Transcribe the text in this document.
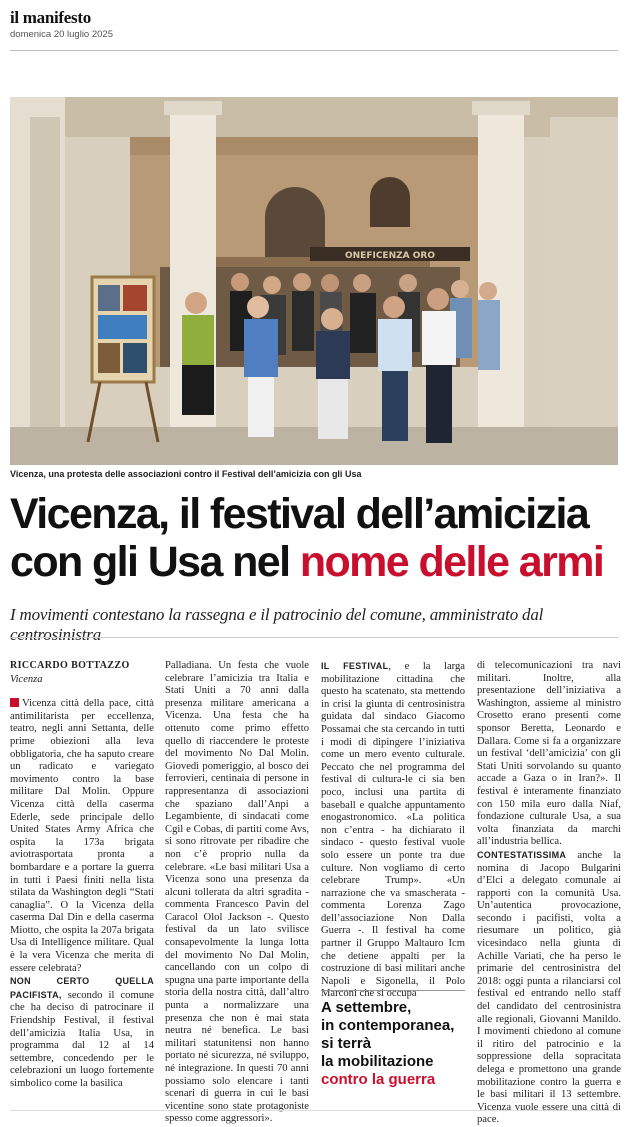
il manifesto
domenica 20 luglio 2025
ONEFICENZA ORO
Vicenza, una protesta delle associazioni contro il Festival dell’amicizia con gli Usa
Vicenza, il festival dell’amicizia
con gli Usa nel nome delle armi
I movimenti contestano la rassegna e il patrocinio del comune, amministrato dal centrosinistra
RICCARDO BOTTAZZO
Vicenza

Vicenza città della pace, città antimilitarista per eccellenza, teatro, negli anni Settanta, delle prime obiezioni alla leva obbligatoria, che ha saputo creare un radicato e variegato movimento contro la base militare Dal Molin. Oppure Vicenza città della caserma Ederle, sede principale dello United States Army Africa che ospita la 173a brigata aviotrasportata pronta a bombardare e a portare la guerra in tutti i Paesi finiti nella lista stilata da Washington degli “Stati canaglia”. O la Vicenza della caserma Dal Din e della caserma Miotto, che ospita la 207a brigata Usa di Intelligence militare. Qual è la vera Vicenza che merita di essere celebrata?

NON CERTO QUELLA PACIFISTA, secondo il comune che ha deciso di patrocinare il Friendship Festival, il festival dell’amicizia Italia Usa, in programma dal 12 al 14 settembre, concedendo per le celebrazioni un luogo fortemente simbolico come la basilica

Palladiana. Un festa che vuole celebrare l’amicizia tra Italia e Stati Uniti a 70 anni dalla presenza militare americana a Vicenza. Una festa che ha ottenuto come primo effetto quello di riaccendere le proteste del movimento No Dal Molin. Giovedì pomeriggio, al bosco dei ferrovieri, centinaia di persone in rappresentanza di associazioni che spaziano dall’Anpi a Legambiente, di sindacati come Cgil e Cobas, di partiti come Avs, si sono ritrovate per ribadire che non c’è proprio nulla da celebrare. «Le basi militari Usa a Vicenza sono una presenza da alcuni tollerata da altri sgradita - commenta Francesco Pavin del Caracol Olol Jackson -. Questo festival da un lato svilisce consapevolmente la lunga lotta del movimento No Dal Molin, cancellando con un colpo di spugna una parte importante della storia della nostra città, dall’altro punta a normalizzare una presenza che non è mai stata neutra né benefica. Le basi militari statunitensi non hanno portato né sicurezza, né sviluppo, né integrazione. In questi 70 anni possiamo solo elencare i tanti scenari di guerra in cui le basi vicentine sono state protagoniste spesso come aggressori».

IL FESTIVAL, e la larga mobilitazione cittadina che questo ha scatenato, sta mettendo in crisi la giunta di centrosinistra guidata dal sindaco Giacomo Possamai che sta cercando in tutti i modi di dipingere l’iniziativa come un mero evento culturale. Peccato che nel programma del festival di cultura-le ci sia ben poco, inclusi una partita di baseball e qualche appuntamento enogastronomico. «La politica non c’entra - ha dichiarato il sindaco - questo festival vuole solo essere un ponte tra due culture. Non vogliamo di certo celebrare Trump». «Un narrazione che va smascherata - commenta Lorenza Zago dell’associazione Non Dalla Guerra -. Il festival ha come partner il Gruppo Maltauro Icm che detiene appalti per la costruzione di basi militari anche Napoli e Sigonella, il Polo Marconi che si occupa

A settembre,
in contemporanea,
si terrà
la mobilitazione
contro la guerra

di telecomunicazioni tra navi militari. Inoltre, alla presentazione dell’iniziativa a Washington, assieme al ministro Crosetto erano presenti come sponsor Beretta, Leonardo e Dallara. Come si fa a organizzare un festival ‘dell’amicizia’ con gli Stati Uniti sorvolando su quanto accade a Gaza o in Iran?». Il festival è interamente finanziato con 150 mila euro dalla Niaf, fondazione culturale Usa, a sua volta finanziata da marchi all’industria bellica.

CONTESTATISSIMA anche la nomina di Jacopo Bulgarini d’Elci a delegato comunale ai rapporti con la comunità Usa. Un’autentica provocazione, secondo i pacifisti, volta a riesumare un politico, già vicesindaco nella giunta di Achille Variati, che ha perso le primarie del centrosinistra del 2018: oggi punta a rilanciarsi col festival ed entrando nello staff del candidato del centrosinistra alle regionali, Giovanni Manildo. I movimenti chiedono al comune il ritiro del patrocinio e la soppressione della sopracitata delega e promettono una grande mobilitazione contro la guerra e le basi militari il 13 settembre. Vicenza vuole essere una città di pace.
